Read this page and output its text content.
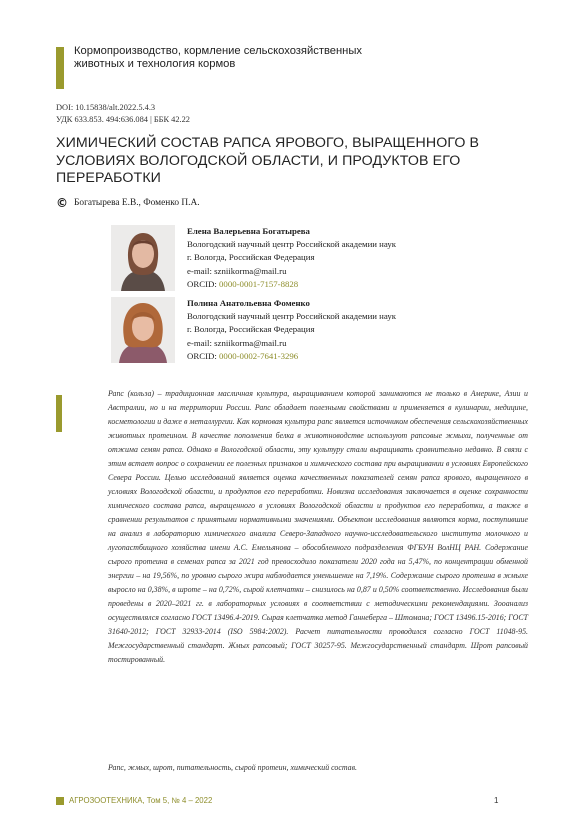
Кормопроизводство, кормление сельскохозяйственных животных и технология кормов
DOI: 10.15838/alt.2022.5.4.3
УДК 633.853. 494:636.084 | ББК 42.22
ХИМИЧЕСКИЙ СОСТАВ РАПСА ЯРОВОГО, ВЫРАЩЕННОГО В УСЛОВИЯХ ВОЛОГОДСКОЙ ОБЛАСТИ, И ПРОДУКТОВ ЕГО ПЕРЕРАБОТКИ
© Богатырева Е.В., Фоменко П.А.
Елена Валерьевна Богатырева
Вологодский научный центр Российской академии наук
г. Вологда, Российская Федерация
e-mail: szniikorma@mail.ru
ORCID: 0000-0001-7157-8828
Полина Анатольевна Фоменко
Вологодский научный центр Российской академии наук
г. Вологда, Российская Федерация
e-mail: szniikorma@mail.ru
ORCID: 0000-0002-7641-3296
Рапс (кольза) – традиционная масличная культура, выращиванием которой занимаются не только в Америке, Азии и Австралии, но и на территории России. Рапс обладает полезными свойствами и применяется в кулинарии, медицине, косметологии и даже в металлургии. Как кормовая культура рапс является источником обеспечения сельскохозяйственных животных протеином. В качестве пополнения белка в животноводстве используют рапсовые жмыхи, полученные от отжима семян рапса. Однако в Вологодской области, эту культуру стали выращивать сравнительно недавно. В связи с этим встает вопрос о сохранении ее полезных признаков и химического состава при выращивании в условиях Европейского Севера России. Целью исследований является оценка качественных показателей семян рапса ярового, выращенного в условиях Вологодской области, и продуктов его переработки. Новизна исследования заключается в оценке сохранности химического состава рапса, выращенного в условиях Вологодской области и продуктов его переработки, а также в сравнении результатов с принятыми нормативными значениями. Объектом исследования являются корма, поступившие на анализ в лабораторию химического анализа Северо-Западного научно-исследовательского института молочного и лугопастбищного хозяйства имени А.С. Емельянова – обособленного подразделения ФГБУН ВолНЦ РАН. Содержание сырого протеина в семенах рапса за 2021 год превосходило показатели 2020 года на 5,47%, по концентрации обменной энергии – на 19,56%, по уровню сырого жира наблюдается уменьшение на 7,19%. Содержание сырого протеина в жмыхе выросло на 0,38%, в шроте – на 0,72%, сырой клетчатки – снизилось на 0,87 и 0,50% соответственно. Исследования были проведены в 2020–2021 гг. в лабораторных условиях в соответствии с методическими рекомендациями. Зооанализ осуществлялся согласно ГОСТ 13496.4-2019. Сырая клетчатка метод Ганнеберга – Штомана; ГОСТ 13496.15-2016; ГОСТ 31640-2012; ГОСТ 32933-2014 (ISO 5984:2002). Расчет питательности проводился согласно ГОСТ 11048-95. Межгосударственный стандарт. Жмых рапсовый; ГОСТ 30257-95. Межгосударственный стандарт. Шрот рапсовый тостированный.
Рапс, жмых, шрот, питательность, сырой протеин, химический состав.
АГРОЗООТЕХНИКА, Том 5, № 4 – 2022	1
